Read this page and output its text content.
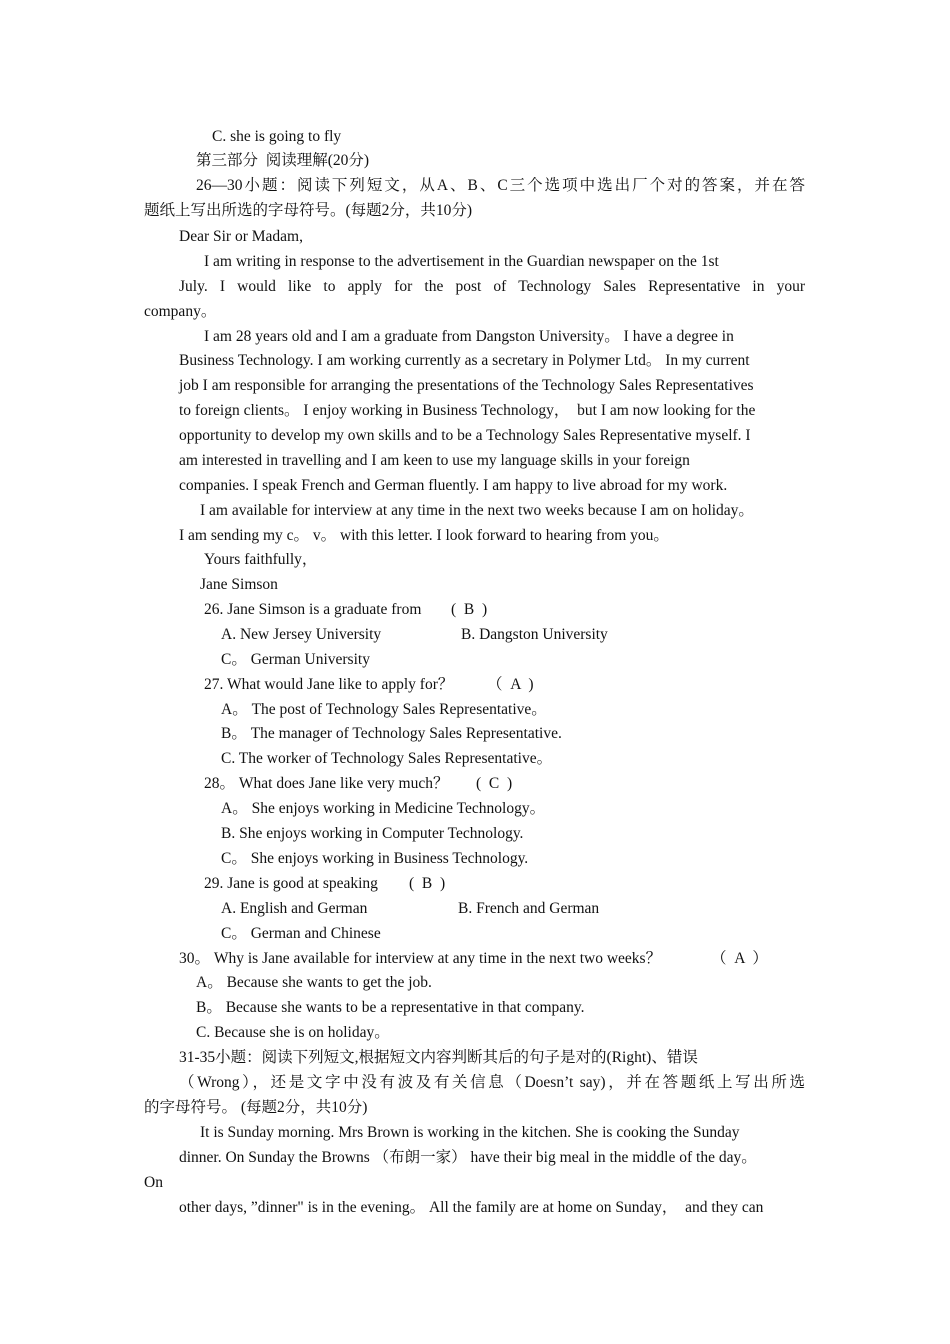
C. she is going to fly
第三部分  阅读理解(20分)
26—30小题：阅读下列短文，从A、B、C三个选项中选出厂个对的答案，并在答
题纸上写出所选的字母符号。(每题2分，共10分)
Dear Sir or Madam,
I am writing in response to the advertisement in the Guardian newspaper on the 1st
July. I would like to apply for the post of Technology Sales Representative in your
company。
I am 28 years old and I am a graduate from Dangston University。 I have a degree in
Business Technology. I am working currently as a secretary in Polymer Ltd。 In my current
job I am responsible for arranging the presentations of the Technology Sales Representatives
to foreign clients。 I enjoy working in Business Technology，  but I am now looking for the
opportunity to develop my own skills and to be a Technology Sales Representative myself. I
am interested in travelling and I am keen to use my language skills in your foreign
companies. I speak French and German fluently. I am happy to live abroad for my work.
I am available for interview at any time in the next two weeks because I am on holiday。
I am sending my c。 v。 with this letter. I look forward to hearing from you。
Yours faithfully，
Jane Simson
26. Jane Simson is a graduate from (  B  )
A. New Jersey University	B. Dangston University
C。 German University
27. What would Jane like to apply for？ （  A  )
A。 The post of Technology Sales Representative。
B。 The manager of Technology Sales Representative.
C. The worker of Technology Sales Representative。
28。 What does Jane like very much？ (  C  )
A。 She enjoys working in Medicine Technology。
B. She enjoys working in Computer Technology.
C。 She enjoys working in Business Technology.
29. Jane is good at speaking (  B  )
A. English and German	B. French and German
C。 German and Chinese
30。 Why is Jane available for interview at any time in the next two weeks？	（  A  ）
A。 Because she wants to get the job.
B。 Because she wants to be a representative in that company.
C. Because she is on holiday。
31-35小题：阅读下列短文,根据短文内容判断其后的句子是对的(Right)、错误
（Wrong），还是文字中没有波及有关信息（Doesn’t say)，并在答题纸上写出所选
的字母符号。 (每题2分，共10分)
It is Sunday morning. Mrs Brown is working in the kitchen. She is cooking the Sunday
dinner. On Sunday the Browns （布朗一家） have their big meal in the middle of the day。
On
other days, ”dinner" is in the evening。 All the family are at home on Sunday，  and they can
